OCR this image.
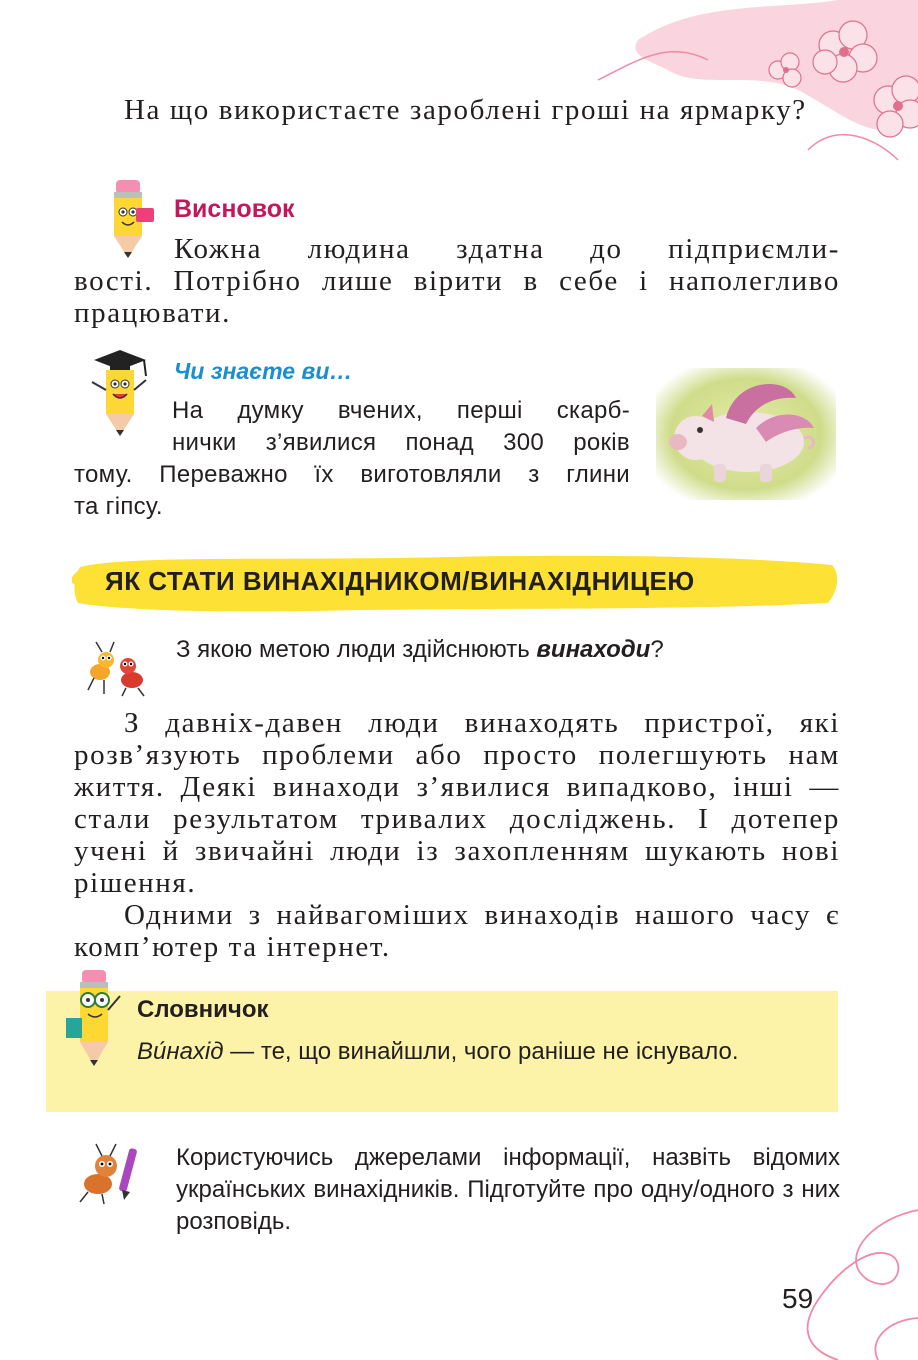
На що використаєте зароблені гроші на ярмарку?

Висновок

Кожна людина здатна до підприємли-

вості. Потрібно лише вірити в себе і наполегливо працювати.

Чи знаєте ви…

На думку вчених, перші скарб-

нички з’явилися понад 300 років

тому. Переважно їх виготовляли з глини

та гіпсу.

ЯК СТАТИ ВИНАХІДНИКОМ/ВИНАХІДНИЦЕЮ

З якою метою люди здійснюють винаходи?

З давніх-давен люди винаходять пристрої, які розв’язують проблеми або просто полегшують нам життя. Деякі винаходи з’явилися випадково, інші — стали результатом тривалих досліджень. І дотепер учені й звичайні люди із захопленням шукають нові рішення.

Одними з найвагоміших винаходів нашого часу є комп’ютер та інтернет.

Словничок

Ви́нахід — те, що винайшли, чого раніше не існувало.

Користуючись джерелами інформації, назвіть відомих українських винахідників. Підготуйте про одну/одного з них розповідь.

59
